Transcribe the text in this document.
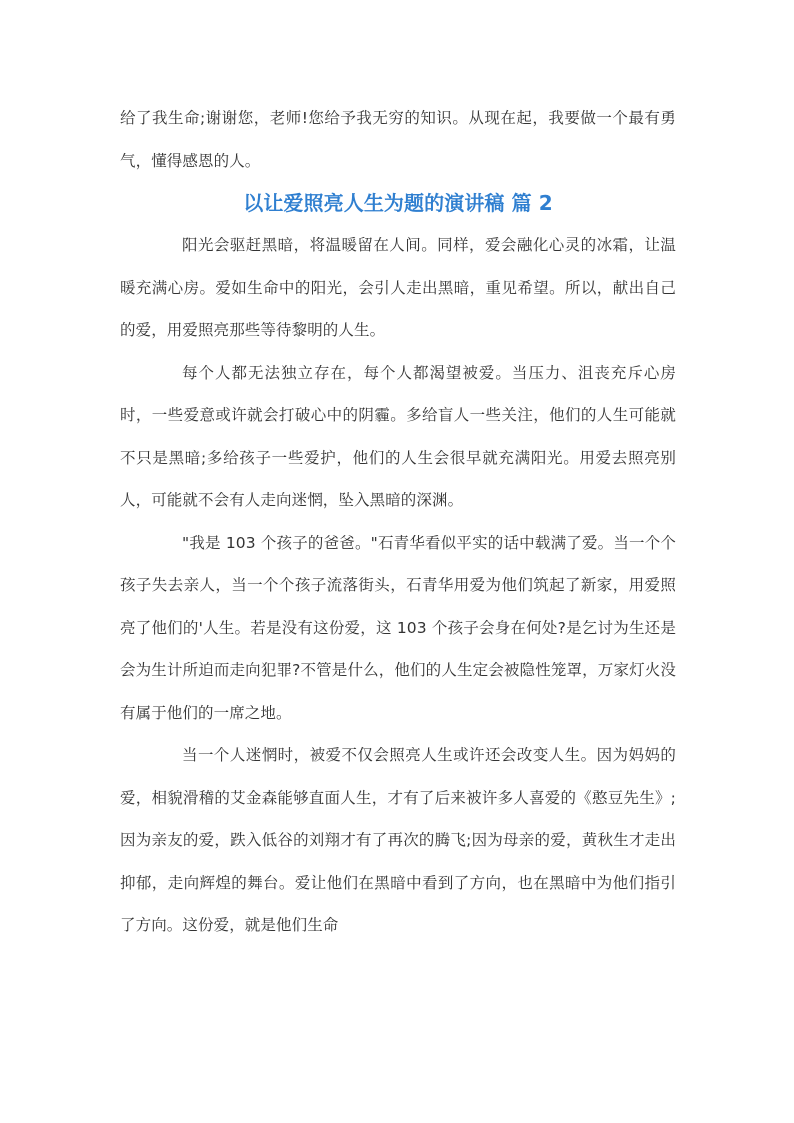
给了我生命;谢谢您，老师!您给予我无穷的知识。从现在起，我要做一个最有勇气，懂得感恩的人。

以让爱照亮人生为题的演讲稿 篇 2

阳光会驱赶黑暗，将温暖留在人间。同样，爱会融化心灵的冰霜，让温暖充满心房。爱如生命中的阳光，会引人走出黑暗，重见希望。所以，献出自己的爱，用爱照亮那些等待黎明的人生。

每个人都无法独立存在，每个人都渴望被爱。当压力、沮丧充斥心房时，一些爱意或许就会打破心中的阴霾。多给盲人一些关注，他们的人生可能就不只是黑暗;多给孩子一些爱护，他们的人生会很早就充满阳光。用爱去照亮别人，可能就不会有人走向迷惘，坠入黑暗的深渊。

"我是 103 个孩子的爸爸。"石青华看似平实的话中载满了爱。当一个个孩子失去亲人，当一个个孩子流落街头，石青华用爱为他们筑起了新家，用爱照亮了他们的'人生。若是没有这份爱，这 103 个孩子会身在何处?是乞讨为生还是会为生计所迫而走向犯罪?不管是什么，他们的人生定会被隐性笼罩，万家灯火没有属于他们的一席之地。

当一个人迷惘时，被爱不仅会照亮人生或许还会改变人生。因为妈妈的爱，相貌滑稽的艾金森能够直面人生，才有了后来被许多人喜爱的《憨豆先生》;因为亲友的爱，跌入低谷的刘翔才有了再次的腾飞;因为母亲的爱，黄秋生才走出抑郁，走向辉煌的舞台。爱让他们在黑暗中看到了方向，也在黑暗中为他们指引了方向。这份爱，就是他们生命
